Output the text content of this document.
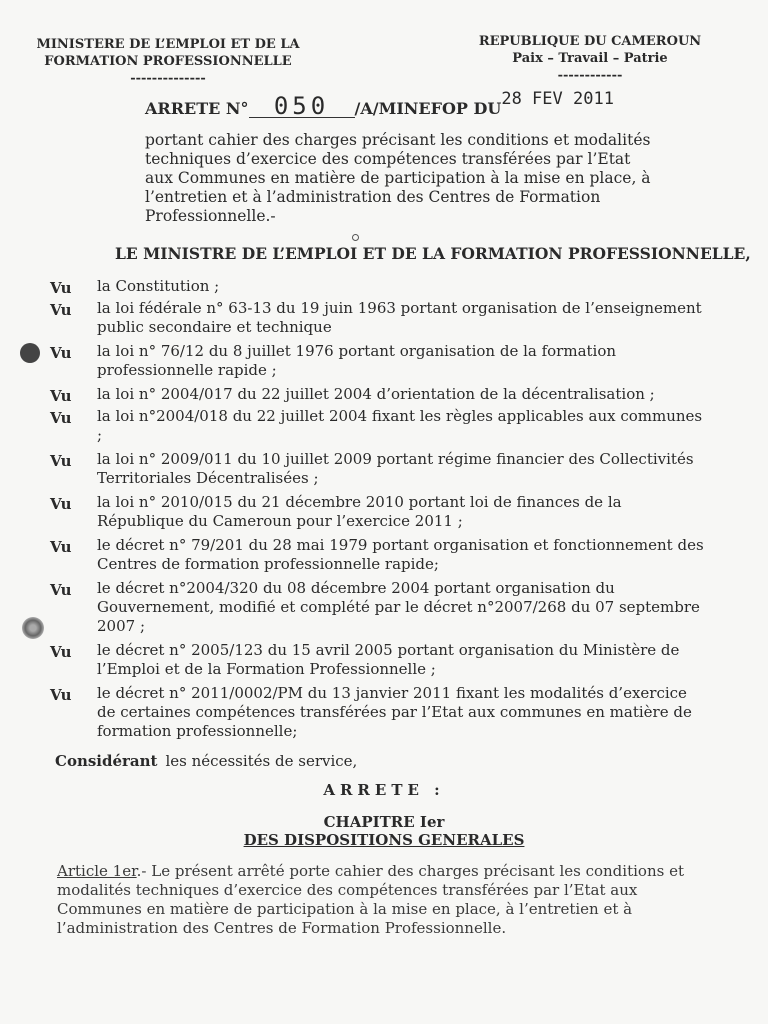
MINISTERE DE L’EMPLOI ET DE LA
FORMATION PROFESSIONNELLE
--------------
REPUBLIQUE DU CAMEROUN
Paix – Travail – Patrie
------------
ARRETE N° 050 /A/MINEFOP DU28 FEV 2011
portant cahier des charges précisant les conditions et modalités techniques d’exercice des compétences transférées par l’Etat aux Communes en matière de participation à la mise en place, à l’entretien et à l’administration des Centres de Formation Professionnelle.-
LE MINISTRE DE L’EMPLOI ET DE LA FORMATION PROFESSIONNELLE,
Vu la Constitution ;
Vu la loi fédérale n° 63-13 du 19 juin 1963 portant organisation de l’enseignement public secondaire et technique
Vu la loi n° 76/12 du 8 juillet 1976 portant organisation de la formation professionnelle rapide ;
Vu la loi n° 2004/017 du 22 juillet 2004 d’orientation de la décentralisation ;
Vu la loi n°2004/018 du 22 juillet 2004 fixant les règles applicables aux communes ;
Vu la loi n° 2009/011 du 10 juillet 2009 portant régime financier des Collectivités Territoriales Décentralisées ;
Vu la loi n° 2010/015 du 21 décembre 2010 portant loi de finances de la République du Cameroun pour l’exercice 2011 ;
Vu le décret n° 79/201 du 28 mai 1979 portant organisation et fonctionnement des Centres de formation professionnelle rapide;
Vu le décret n°2004/320 du 08 décembre 2004 portant organisation du Gouvernement, modifié et complété par le décret n°2007/268 du 07 septembre 2007 ;
Vu le décret n° 2005/123 du 15 avril 2005 portant organisation du Ministère de l’Emploi et de la Formation Professionnelle ;
Vu le décret n° 2011/0002/PM du 13 janvier 2011 fixant les modalités d’exercice de certaines compétences transférées par l’Etat aux communes en matière de formation professionnelle;
Considérant les nécessités de service,
ARRETE :
CHAPITRE Ier
DES DISPOSITIONS GENERALES
Article 1er.- Le présent arrêté porte cahier des charges précisant les conditions et modalités techniques d’exercice des compétences transférées par l’Etat aux Communes en matière de participation à la mise en place, à l’entretien et à l’administration des Centres de Formation Professionnelle.
